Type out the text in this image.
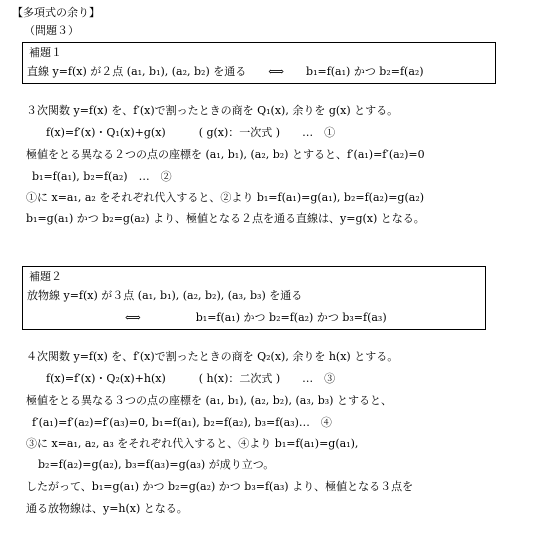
【多項式の余り】
（問題３）
補題１
直線 y=f(x) が２点 (a₁, b₁), (a₂, b₂) を通る　　⟺　　b₁=f(a₁) かつ b₂=f(a₂)
３次関数 y=f(x) を、f′(x)で割ったときの商を Q₁(x), 余りを g(x) とする。
f(x)=f′(x)・Q₁(x)+g(x)　　　( g(x)：一次式 )　　…　①
極値をとる異なる２つの点の座標を (a₁, b₁), (a₂, b₂) とすると、f′(a₁)=f′(a₂)=0
b₁=f(a₁), b₂=f(a₂)　…　②
①に x=a₁, a₂ をそれぞれ代入すると、②より b₁=f(a₁)=g(a₁), b₂=f(a₂)=g(a₂)
b₁=g(a₁) かつ b₂=g(a₂) より、極値となる２点を通る直線は、y=g(x) となる。
補題２
放物線 y=f(x) が３点 (a₁, b₁), (a₂, b₂), (a₃, b₃) を通る
⟺　　　　　b₁=f(a₁) かつ b₂=f(a₂) かつ b₃=f(a₃)
４次関数 y=f(x) を、f′(x)で割ったときの商を Q₂(x), 余りを h(x) とする。
f(x)=f′(x)・Q₂(x)+h(x)　　　( h(x)：二次式 )　　…　③
極値をとる異なる３つの点の座標を (a₁, b₁), (a₂, b₂), (a₃, b₃) とすると、
f′(a₁)=f′(a₂)=f′(a₃)=0, b₁=f(a₁), b₂=f(a₂), b₃=f(a₃)…　④
③に x=a₁, a₂, a₃ をそれぞれ代入すると、④より b₁=f(a₁)=g(a₁),
b₂=f(a₂)=g(a₂), b₃=f(a₃)=g(a₃) が成り立つ。
したがって、b₁=g(a₁) かつ b₂=g(a₂) かつ b₃=f(a₃) より、極値となる３点を
通る放物線は、y=h(x) となる。
